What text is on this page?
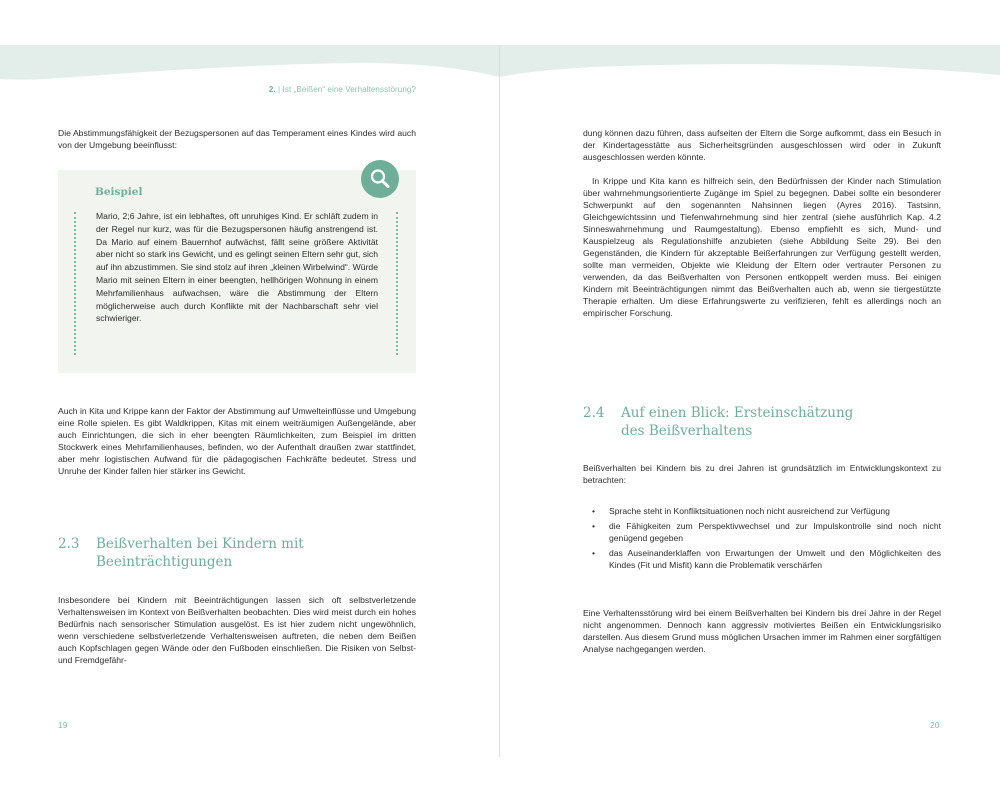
2. | Ist „Beißen“ eine Verhaltensstörung?

Die Abstimmungsfähigkeit der Bezugspersonen auf das Temperament eines Kindes wird auch von der Umgebung beeinflusst:

Beispiel

Mario, 2;6 Jahre, ist ein lebhaftes, oft unruhiges Kind. Er schläft zudem in der Regel nur kurz, was für die Bezugspersonen häufig anstrengend ist. Da Mario auf einem Bauernhof aufwächst, fällt seine größere Aktivität aber nicht so stark ins Gewicht, und es gelingt seinen Eltern sehr gut, sich auf ihn abzustimmen. Sie sind stolz auf ihren „kleinen Wirbelwind“. Würde Mario mit seinen Eltern in einer beengten, hellhörigen Wohnung in einem Mehrfamilienhaus aufwachsen, wäre die Abstimmung der Eltern möglicherweise auch durch Konflikte mit der Nachbarschaft sehr viel schwieriger.

Auch in Kita und Krippe kann der Faktor der Abstimmung auf Umwelteinflüsse und Umgebung eine Rolle spielen. Es gibt Waldkrippen, Kitas mit einem weiträumigen Außengelände, aber auch Einrichtungen, die sich in eher beengten Räumlichkeiten, zum Beispiel im dritten Stockwerk eines Mehrfamilienhauses, befinden, wo der Aufenthalt draußen zwar stattfindet, aber mehr logistischen Aufwand für die pädagogischen Fachkräfte bedeutet. Stress und Unruhe der Kinder fallen hier stärker ins Gewicht.

2.3 Beißverhalten bei Kindern mit
Beeinträchtigungen

Insbesondere bei Kindern mit Beeinträchtigungen lassen sich oft selbstverletzende Verhaltensweisen im Kontext von Beißverhalten beobachten. Dies wird meist durch ein hohes Bedürfnis nach sensorischer Stimulation ausgelöst. Es ist hier zudem nicht ungewöhnlich, wenn verschiedene selbstverletzende Verhaltensweisen auftreten, die neben dem Beißen auch Kopfschlagen gegen Wände oder den Fußboden einschließen. Die Risiken von Selbst- und Fremdgefähr-

19

dung können dazu führen, dass aufseiten der Eltern die Sorge aufkommt, dass ein Besuch in der Kindertagesstätte aus Sicherheitsgründen ausgeschlossen wird oder in Zukunft ausgeschlossen werden könnte.

In Krippe und Kita kann es hilfreich sein, den Bedürfnissen der Kinder nach Stimulation über wahrnehmungsorientierte Zugänge im Spiel zu begegnen. Dabei sollte ein besonderer Schwerpunkt auf den sogenannten Nahsinnen liegen (Ayres 2016). Tastsinn, Gleichgewichtssinn und Tiefenwahrnehmung sind hier zentral (siehe ausführlich Kap. 4.2 Sinneswahrnehmung und Raumgestaltung). Ebenso empfiehlt es sich, Mund- und Kauspielzeug als Regulationshilfe anzubieten (siehe Abbildung Seite 29). Bei den Gegenständen, die Kindern für akzeptable Beißerfahrungen zur Verfügung gestellt werden, sollte man vermeiden, Objekte wie Kleidung der Eltern oder vertrauter Personen zu verwenden, da das Beißverhalten von Personen entkoppelt werden muss. Bei einigen Kindern mit Beeinträchtigungen nimmt das Beißverhalten auch ab, wenn sie tiergestützte Therapie erhalten. Um diese Erfahrungswerte zu verifizieren, fehlt es allerdings noch an empirischer Forschung.

2.4 Auf einen Blick: Ersteinschätzung
des Beißverhaltens

Beißverhalten bei Kindern bis zu drei Jahren ist grundsätzlich im Entwicklungskontext zu betrachten:

• Sprache steht in Konfliktsituationen noch nicht ausreichend zur Verfügung
• die Fähigkeiten zum Perspektivwechsel und zur Impulskontrolle sind noch nicht genügend gegeben
• das Auseinanderklaffen von Erwartungen der Umwelt und den Möglichkeiten des Kindes (Fit und Misfit) kann die Problematik verschärfen

Eine Verhaltensstörung wird bei einem Beißverhalten bei Kindern bis drei Jahre in der Regel nicht angenommen. Dennoch kann aggressiv motiviertes Beißen ein Entwicklungsrisiko darstellen. Aus diesem Grund muss möglichen Ursachen immer im Rahmen einer sorgfältigen Analyse nachgegangen werden.

20
